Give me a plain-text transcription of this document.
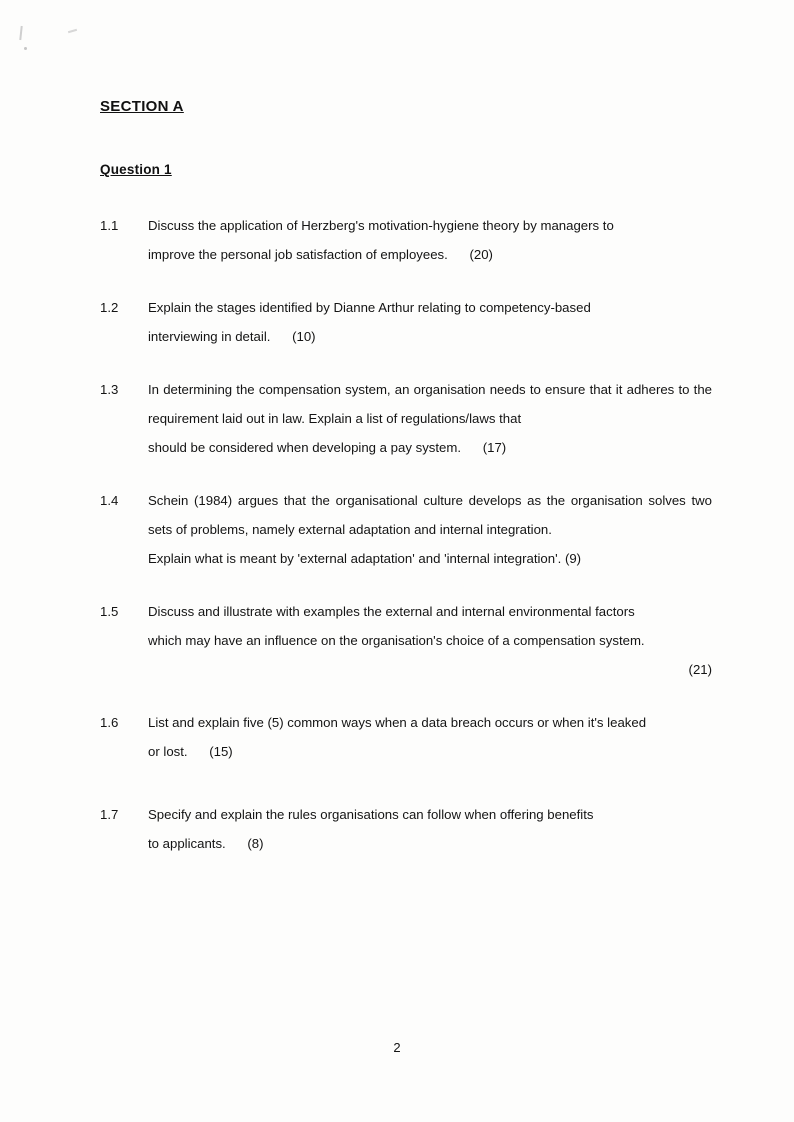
SECTION A
Question 1
1.1	Discuss the application of Herzberg's motivation-hygiene theory by managers to
improve the personal job satisfaction of employees. (20)
1.2	Explain the stages identified by Dianne Arthur relating to competency-based
interviewing in detail. (10)
1.3	In determining the compensation system, an organisation needs to ensure that it adheres to the requirement laid out in law. Explain a list of regulations/laws that
should be considered when developing a pay system. (17)
1.4	Schein (1984) argues that the organisational culture develops as the organisation solves two sets of problems, namely external adaptation and internal integration.
Explain what is meant by 'external adaptation' and 'internal integration'. (9)
1.5	Discuss and illustrate with examples the external and internal environmental factors
which may have an influence on the organisation's choice of a compensation system.
(21)
1.6	List and explain five (5) common ways when a data breach occurs or when it's leaked
or lost. (15)
1.7	Specify and explain the rules organisations can follow when offering benefits
to applicants. (8)
2
